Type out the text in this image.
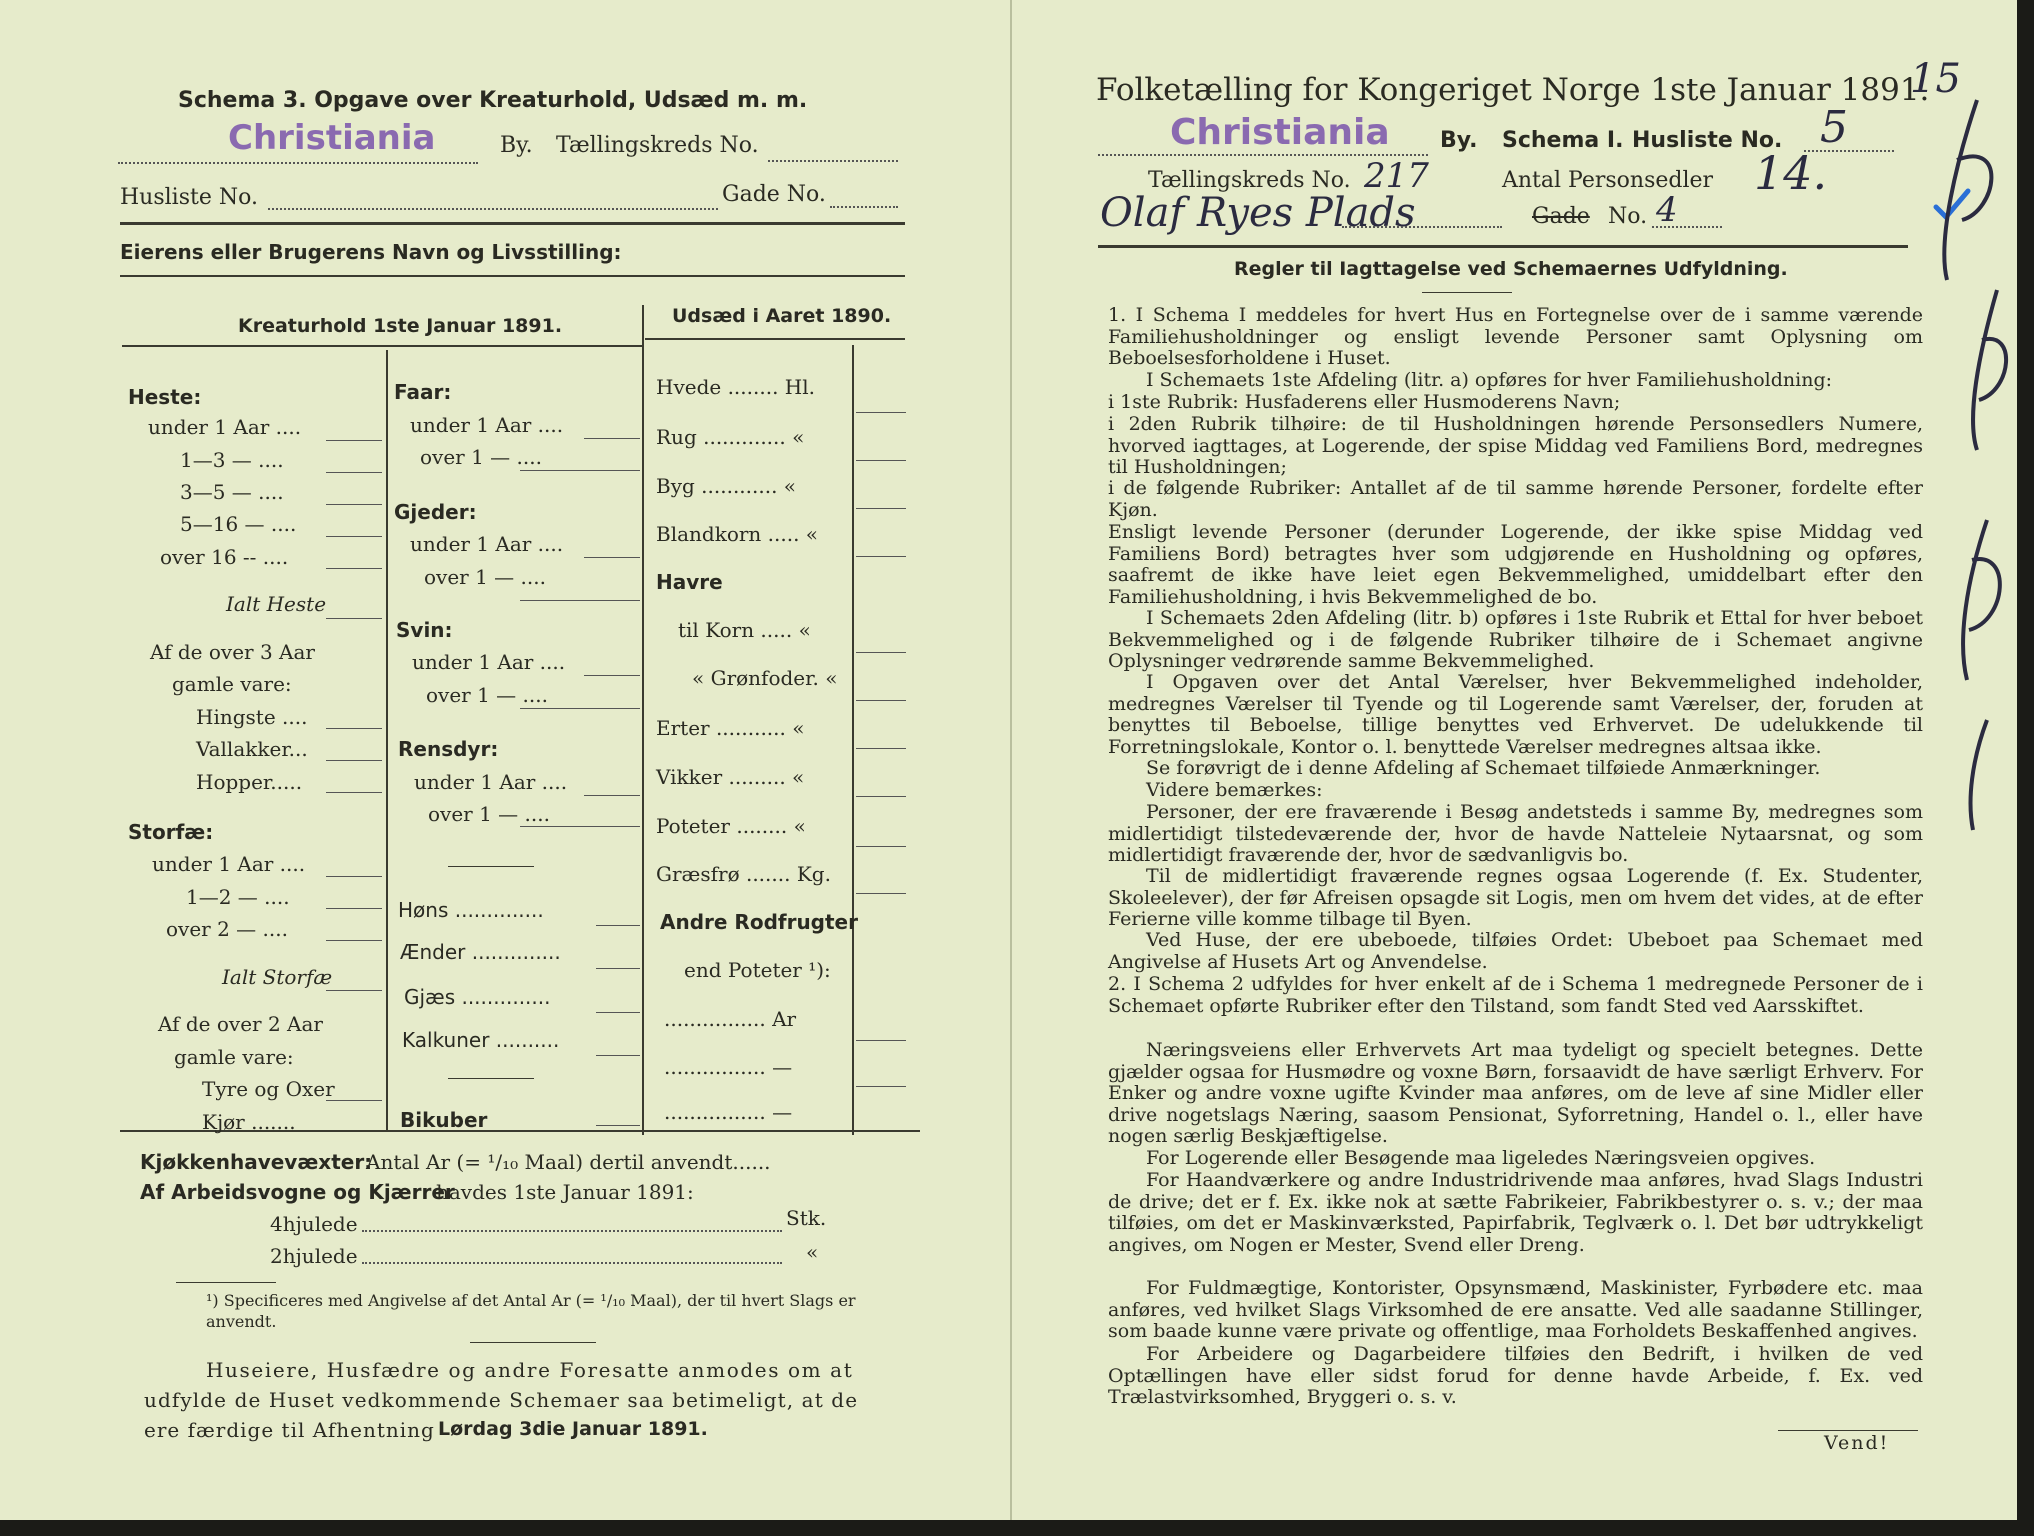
Schema 3. Opgave over Kreaturhold, Udsæd m. m.
Christiania	By. Tællingskreds No.
Husliste No.	Gade No.
Eierens eller Brugerens Navn og Livsstilling:
Kreaturhold 1ste Januar 1891.	Udsæd i Aaret 1890.
Heste:
under 1 Aar ....
1—3 — ....
3—5 — ....
5—16 — ....
over 16 -- ....
Ialt Heste
Af de over 3 Aar
gamle vare:
Hingste ....
Vallakker...
Hopper.....
Storfæ:
under 1 Aar ....
1—2 — ....
over 2 — ....
Ialt Storfæ
Af de over 2 Aar
gamle vare:
Tyre og Oxer
Kjør .......
Faar:
under 1 Aar ....
over 1 — ....
Gjeder:
under 1 Aar ....
over 1 — ....
Svin:
under 1 Aar ....
over 1 — ....
Rensdyr:
under 1 Aar ....
over 1 — ....
Høns ..............
Ænder ..............
Gjæs ..............
Kalkuner ..........
Bikuber
Hvede ........ Hl.
Rug ............. «
Byg ............ «
Blandkorn ..... «
Havre
til Korn ..... «
« Grønfoder. «
Erter ........... «
Vikker ......... «
Poteter ........ «
Græsfrø ....... Kg.
Andre Rodfrugter
end Poteter ¹):
................ Ar
................ —
................ —
Kjøkkenhavevæxter:
Antal Ar (= ¹/₁₀ Maal) dertil anvendt......
Af Arbeidsvogne og Kjærrer
havdes 1ste Januar 1891:
4hjulede	Stk.
2hjulede	«
¹) Specificeres med Angivelse af det Antal Ar (= ¹/₁₀ Maal), der til hvert Slags er anvendt.
Huseiere, Husfædre og andre Foresatte anmodes om at
udfylde de Huset vedkommende Schemaer saa betimeligt, at de
ere færdige til Afhentning Lørdag 3die Januar 1891.
Folketælling for Kongeriget Norge 1ste Januar 1891.
15
Christiania By. Schema I. Husliste No. 5
Tællingskreds No. 217	Antal Personsedler 14.
Olaf Ryes Plads	Gade No. 4
Regler til Iagttagelse ved Schemaernes Udfyldning.
1. I Schema I meddeles for hvert Hus en Fortegnelse over de i samme værende Familiehusholdninger og ensligt levende Personer samt Oplysning om Beboelsesforholdene i Huset.
I Schemaets 1ste Afdeling (litr. a) opføres for hver Familiehusholdning:
i 1ste Rubrik: Husfaderens eller Husmoderens Navn;
i 2den Rubrik tilhøire: de til Husholdningen hørende Personsedlers Numere, hvorved iagttages, at Logerende, der spise Middag ved Familiens Bord, medregnes til Husholdningen;
i de følgende Rubriker: Antallet af de til samme hørende Personer, fordelte efter Kjøn.
Ensligt levende Personer (derunder Logerende, der ikke spise Middag ved Familiens Bord) betragtes hver som udgjørende en Husholdning og opføres, saafremt de ikke have leiet egen Bekvemmelighed, umiddelbart efter den Familiehusholdning, i hvis Bekvemmelighed de bo.
I Schemaets 2den Afdeling (litr. b) opføres i 1ste Rubrik et Ettal for hver beboet Bekvemmelighed og i de følgende Rubriker tilhøire de i Schemaet angivne Oplysninger vedrørende samme Bekvemmelighed.
I Opgaven over det Antal Værelser, hver Bekvemmelighed indeholder, medregnes Værelser til Tyende og til Logerende samt Værelser, der, foruden at benyttes til Beboelse, tillige benyttes ved Erhvervet. De udelukkende til Forretningslokale, Kontor o. l. benyttede Værelser medregnes altsaa ikke.
Se forøvrigt de i denne Afdeling af Schemaet tilføiede Anmærkninger.
Videre bemærkes:
Personer, der ere fraværende i Besøg andetsteds i samme By, medregnes som midlertidigt tilstedeværende der, hvor de havde Natteleie Nytaarsnat, og som midlertidigt fraværende der, hvor de sædvanligvis bo.
Til de midlertidigt fraværende regnes ogsaa Logerende (f. Ex. Studenter, Skoleelever), der før Afreisen opsagde sit Logis, men om hvem det vides, at de efter Ferierne ville komme tilbage til Byen.
Ved Huse, der ere ubeboede, tilføies Ordet: Ubeboet paa Schemaet med Angivelse af Husets Art og Anvendelse.
2. I Schema 2 udfyldes for hver enkelt af de i Schema 1 medregnede Personer de i Schemaet opførte Rubriker efter den Tilstand, som fandt Sted ved Aarsskiftet.
Næringsveiens eller Erhvervets Art maa tydeligt og specielt betegnes. Dette gjælder ogsaa for Husmødre og voxne Børn, forsaavidt de have særligt Erhverv. For Enker og andre voxne ugifte Kvinder maa anføres, om de leve af sine Midler eller drive nogetslags Næring, saasom Pensionat, Syforretning, Handel o. l., eller have nogen særlig Beskjæftigelse.
For Logerende eller Besøgende maa ligeledes Næringsveien opgives.
For Haandværkere og andre Industridrivende maa anføres, hvad Slags Industri de drive; det er f. Ex. ikke nok at sætte Fabrikeier, Fabrikbestyrer o. s. v.; der maa tilføies, om det er Maskinværksted, Papirfabrik, Teglværk o. l. Det bør udtrykkeligt angives, om Nogen er Mester, Svend eller Dreng.
For Fuldmægtige, Kontorister, Opsynsmænd, Maskinister, Fyrbødere etc. maa anføres, ved hvilket Slags Virksomhed de ere ansatte. Ved alle saadanne Stillinger, som baade kunne være private og offentlige, maa Forholdets Beskaffenhed angives.
For Arbeidere og Dagarbeidere tilføies den Bedrift, i hvilken de ved Optællingen have eller sidst forud for denne havde Arbeide, f. Ex. ved Trælastvirksomhed, Bryggeri o. s. v.
Vend!
